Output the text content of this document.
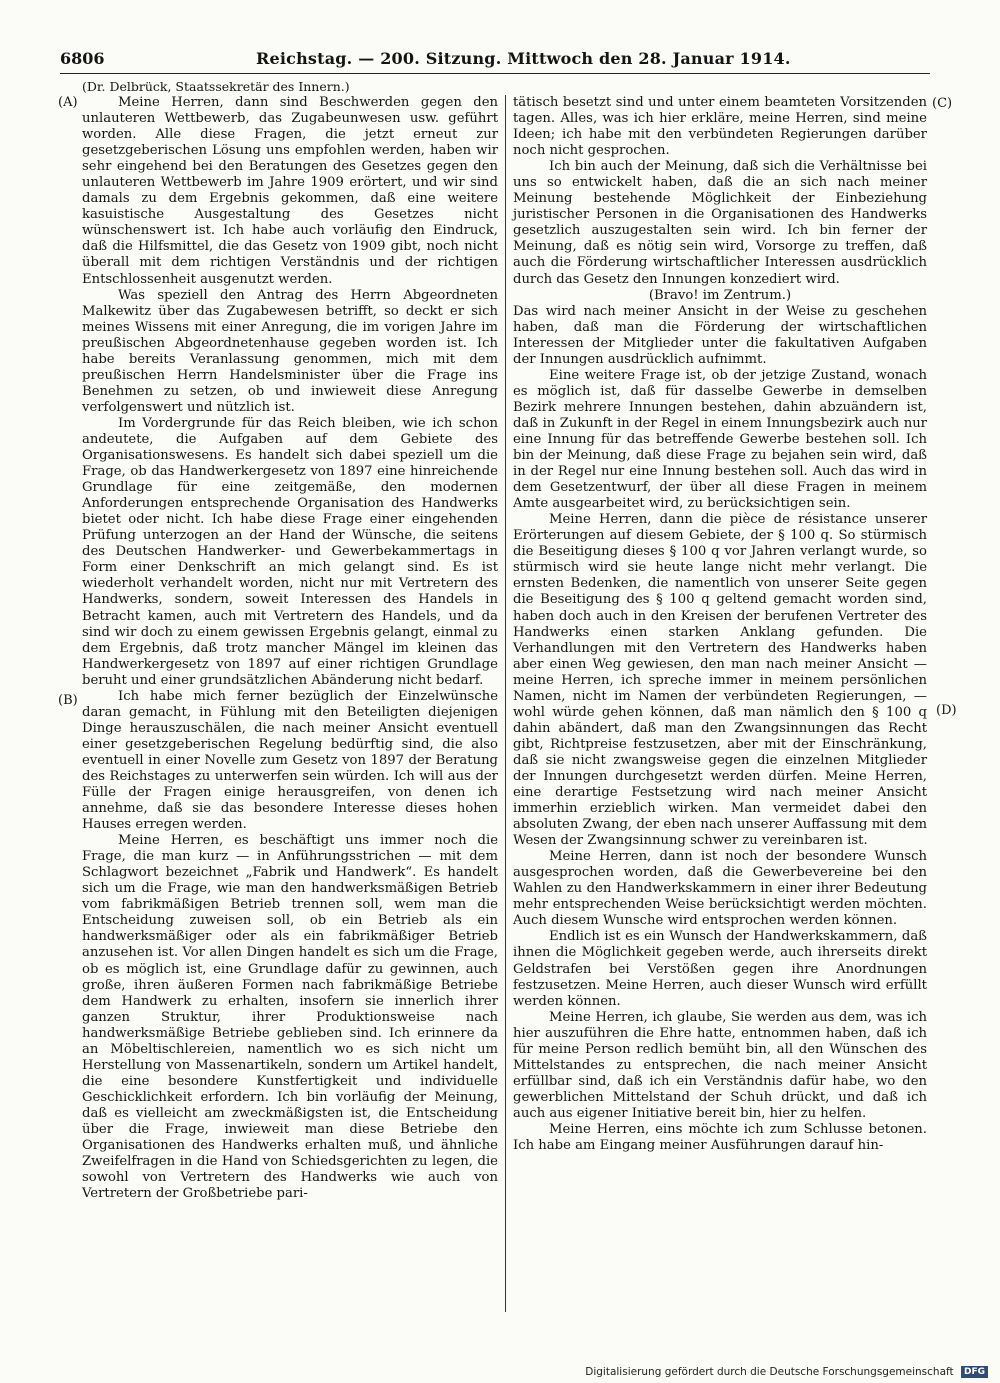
6806	Reichstag. — 200. Sitzung. Mittwoch den 28. Januar 1914.
(Dr. Delbrück, Staatssekretär des Innern.)
(A)
(B)
(C)
(D)

Meine Herren, dann sind Beschwerden gegen den unlauteren Wettbewerb, das Zugabeunwesen usw. geführt worden. Alle diese Fragen, die jetzt erneut zur gesetzgeberischen Lösung uns empfohlen werden, haben wir sehr eingehend bei den Beratungen des Gesetzes gegen den unlauteren Wettbewerb im Jahre 1909 erörtert, und wir sind damals zu dem Ergebnis gekommen, daß eine weitere kasuistische Ausgestaltung des Gesetzes nicht wünschenswert ist. Ich habe auch vorläufig den Eindruck, daß die Hilfsmittel, die das Gesetz von 1909 gibt, noch nicht überall mit dem richtigen Verständnis und der richtigen Entschlossenheit ausgenutzt werden.

Was speziell den Antrag des Herrn Abgeordneten Malkewitz über das Zugabewesen betrifft, so deckt er sich meines Wissens mit einer Anregung, die im vorigen Jahre im preußischen Abgeordnetenhause gegeben worden ist. Ich habe bereits Veranlassung genommen, mich mit dem preußischen Herrn Handelsminister über die Frage ins Benehmen zu setzen, ob und inwieweit diese Anregung verfolgenswert und nützlich ist.

Im Vordergrunde für das Reich bleiben, wie ich schon andeutete, die Aufgaben auf dem Gebiete des Organisationswesens. Es handelt sich dabei speziell um die Frage, ob das Handwerkergesetz von 1897 eine hinreichende Grundlage für eine zeitgemäße, den modernen Anforderungen entsprechende Organisation des Handwerks bietet oder nicht. Ich habe diese Frage einer eingehenden Prüfung unterzogen an der Hand der Wünsche, die seitens des Deutschen Handwerker- und Gewerbekammertags in Form einer Denkschrift an mich gelangt sind. Es ist wiederholt verhandelt worden, nicht nur mit Vertretern des Handwerks, sondern, soweit Interessen des Handels in Betracht kamen, auch mit Vertretern des Handels, und da sind wir doch zu einem gewissen Ergebnis gelangt, einmal zu dem Ergebnis, daß trotz mancher Mängel im kleinen das Handwerkergesetz von 1897 auf einer richtigen Grundlage beruht und einer grundsätzlichen Abänderung nicht bedarf.

Ich habe mich ferner bezüglich der Einzelwünsche daran gemacht, in Fühlung mit den Beteiligten diejenigen Dinge herauszuschälen, die nach meiner Ansicht eventuell einer gesetzgeberischen Regelung bedürftig sind, die also eventuell in einer Novelle zum Gesetz von 1897 der Beratung des Reichstages zu unterwerfen sein würden. Ich will aus der Fülle der Fragen einige herausgreifen, von denen ich annehme, daß sie das besondere Interesse dieses hohen Hauses erregen werden.

Meine Herren, es beschäftigt uns immer noch die Frage, die man kurz — in Anführungsstrichen — mit dem Schlagwort bezeichnet „Fabrik und Handwerk“. Es handelt sich um die Frage, wie man den handwerksmäßigen Betrieb vom fabrikmäßigen Betrieb trennen soll, wem man die Entscheidung zuweisen soll, ob ein Betrieb als ein handwerksmäßiger oder als ein fabrikmäßiger Betrieb anzusehen ist. Vor allen Dingen handelt es sich um die Frage, ob es möglich ist, eine Grundlage dafür zu gewinnen, auch große, ihren äußeren Formen nach fabrikmäßige Betriebe dem Handwerk zu erhalten, insofern sie innerlich ihrer ganzen Struktur, ihrer Produktionsweise nach handwerksmäßige Betriebe geblieben sind. Ich erinnere da an Möbeltischlereien, namentlich wo es sich nicht um Herstellung von Massenartikeln, sondern um Artikel handelt, die eine besondere Kunstfertigkeit und individuelle Geschicklichkeit erfordern. Ich bin vorläufig der Meinung, daß es vielleicht am zweckmäßigsten ist, die Entscheidung über die Frage, inwieweit man diese Betriebe den Organisationen des Handwerks erhalten muß, und ähnliche Zweifelfragen in die Hand von Schiedsgerichten zu legen, die sowohl von Vertretern des Handwerks wie auch von Vertretern der Großbetriebe pari-

tätisch besetzt sind und unter einem beamteten Vorsitzenden tagen. Alles, was ich hier erkläre, meine Herren, sind meine Ideen; ich habe mit den verbündeten Regierungen darüber noch nicht gesprochen.

Ich bin auch der Meinung, daß sich die Verhältnisse bei uns so entwickelt haben, daß die an sich nach meiner Meinung bestehende Möglichkeit der Einbeziehung juristischer Personen in die Organisationen des Handwerks gesetzlich auszugestalten sein wird. Ich bin ferner der Meinung, daß es nötig sein wird, Vorsorge zu treffen, daß auch die Förderung wirtschaftlicher Interessen ausdrücklich durch das Gesetz den Innungen konzediert wird.

(Bravo! im Zentrum.)

Das wird nach meiner Ansicht in der Weise zu geschehen haben, daß man die Förderung der wirtschaftlichen Interessen der Mitglieder unter die fakultativen Aufgaben der Innungen ausdrücklich aufnimmt.

Eine weitere Frage ist, ob der jetzige Zustand, wonach es möglich ist, daß für dasselbe Gewerbe in demselben Bezirk mehrere Innungen bestehen, dahin abzuändern ist, daß in Zukunft in der Regel in einem Innungsbezirk auch nur eine Innung für das betreffende Gewerbe bestehen soll. Ich bin der Meinung, daß diese Frage zu bejahen sein wird, daß in der Regel nur eine Innung bestehen soll. Auch das wird in dem Gesetzentwurf, der über all diese Fragen in meinem Amte ausgearbeitet wird, zu berücksichtigen sein.

Meine Herren, dann die pièce de résistance unserer Erörterungen auf diesem Gebiete, der § 100 q. So stürmisch die Beseitigung dieses § 100 q vor Jahren verlangt wurde, so stürmisch wird sie heute lange nicht mehr verlangt. Die ernsten Bedenken, die namentlich von unserer Seite gegen die Beseitigung des § 100 q geltend gemacht worden sind, haben doch auch in den Kreisen der berufenen Vertreter des Handwerks einen starken Anklang gefunden. Die Verhandlungen mit den Vertretern des Handwerks haben aber einen Weg gewiesen, den man nach meiner Ansicht — meine Herren, ich spreche immer in meinem persönlichen Namen, nicht im Namen der verbündeten Regierungen, — wohl würde gehen können, daß man nämlich den § 100 q dahin abändert, daß man den Zwangsinnungen das Recht gibt, Richtpreise festzusetzen, aber mit der Einschränkung, daß sie nicht zwangsweise gegen die einzelnen Mitglieder der Innungen durchgesetzt werden dürfen. Meine Herren, eine derartige Festsetzung wird nach meiner Ansicht immerhin erzieblich wirken. Man vermeidet dabei den absoluten Zwang, der eben nach unserer Auffassung mit dem Wesen der Zwangsinnung schwer zu vereinbaren ist.

Meine Herren, dann ist noch der besondere Wunsch ausgesprochen worden, daß die Gewerbevereine bei den Wahlen zu den Handwerkskammern in einer ihrer Bedeutung mehr entsprechenden Weise berücksichtigt werden möchten. Auch diesem Wunsche wird entsprochen werden können.

Endlich ist es ein Wunsch der Handwerkskammern, daß ihnen die Möglichkeit gegeben werde, auch ihrerseits direkt Geldstrafen bei Verstößen gegen ihre Anordnungen festzusetzen. Meine Herren, auch dieser Wunsch wird erfüllt werden können.

Meine Herren, ich glaube, Sie werden aus dem, was ich hier auszuführen die Ehre hatte, entnommen haben, daß ich für meine Person redlich bemüht bin, all den Wünschen des Mittelstandes zu entsprechen, die nach meiner Ansicht erfüllbar sind, daß ich ein Verständnis dafür habe, wo den gewerblichen Mittelstand der Schuh drückt, und daß ich auch aus eigener Initiative bereit bin, hier zu helfen.

Meine Herren, eins möchte ich zum Schlusse betonen. Ich habe am Eingang meiner Ausführungen darauf hin-

Digitalisierung gefördert durch die Deutsche Forschungsgemeinschaft DFG
